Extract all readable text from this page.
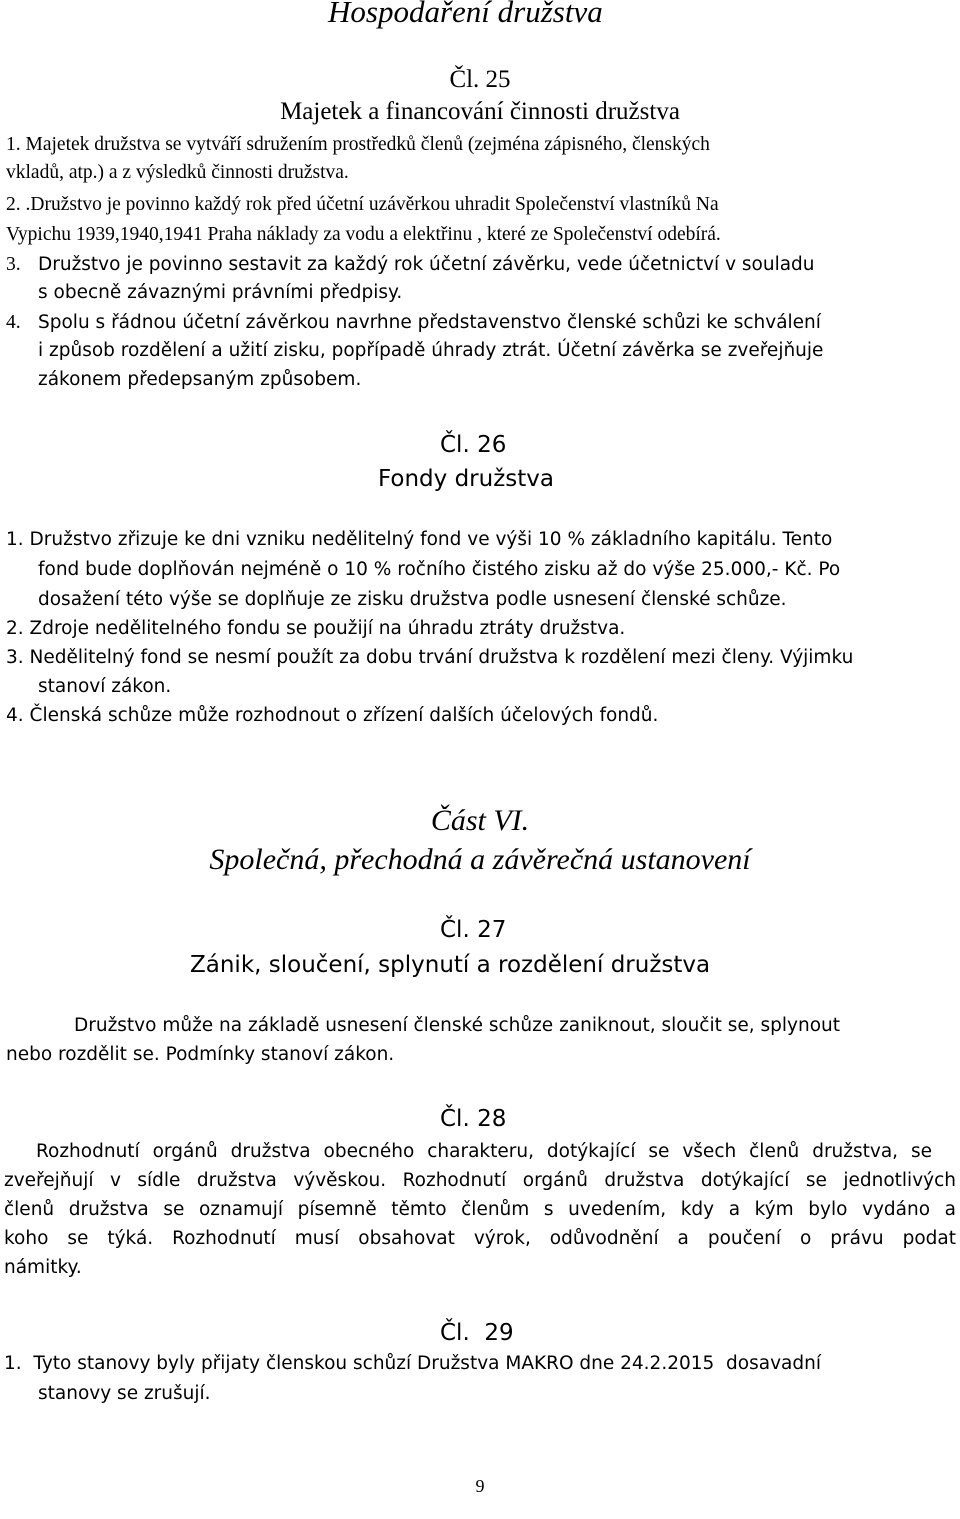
Hospodaření družstva
Čl. 25
Majetek a financování činnosti družstva
1. Majetek družstva se vytváří sdružením prostředků členů (zejména zápisného, členských
vkladů, atp.) a z výsledků činnosti družstva.
2. .Družstvo je povinno každý rok před účetní uzávěrkou uhradit Společenství vlastníků Na
Vypichu 1939,1940,1941 Praha náklady za vodu a elektřinu , které ze Společenství odebírá.
3. Družstvo je povinno sestavit za každý rok účetní závěrku, vede účetnictví v souladu
s obecně závaznými právními předpisy.
4. Spolu s řádnou účetní závěrkou navrhne představenstvo členské schůzi ke schválení
i způsob rozdělení a užití zisku, popřípadě úhrady ztrát. Účetní závěrka se zveřejňuje
zákonem předepsaným způsobem.
Čl. 26
Fondy družstva
1. Družstvo zřizuje ke dni vzniku nedělitelný fond ve výši 10 % základního kapitálu. Tento
fond bude doplňován nejméně o 10 % ročního čistého zisku až do výše 25.000,- Kč. Po
dosažení této výše se doplňuje ze zisku družstva podle usnesení členské schůze.
2. Zdroje nedělitelného fondu se použijí na úhradu ztráty družstva.
3. Nedělitelný fond se nesmí použít za dobu trvání družstva k rozdělení mezi členy. Výjimku
stanoví zákon.
4. Členská schůze může rozhodnout o zřízení dalších účelových fondů.
Část VI.
Společná, přechodná a závěrečná ustanovení
Čl. 27
Zánik, sloučení, splynutí a rozdělení družstva
Družstvo může na základě usnesení členské schůze zaniknout, sloučit se, splynout
nebo rozdělit se. Podmínky stanoví zákon.
Čl. 28
Rozhodnutí orgánů družstva obecného charakteru, dotýkající se všech členů družstva, se
zveřejňují v sídle družstva vývěskou. Rozhodnutí orgánů družstva dotýkající se jednotlivých
členů družstva se oznamují písemně těmto členům s uvedením, kdy a kým bylo vydáno a
koho se týká. Rozhodnutí musí obsahovat výrok, odůvodnění a poučení o právu podat
námitky.
Čl.  29
1.  Tyto stanovy byly přijaty členskou schůzí Družstva MAKRO dne 24.2.2015  dosavadní
stanovy se zrušují.
9
